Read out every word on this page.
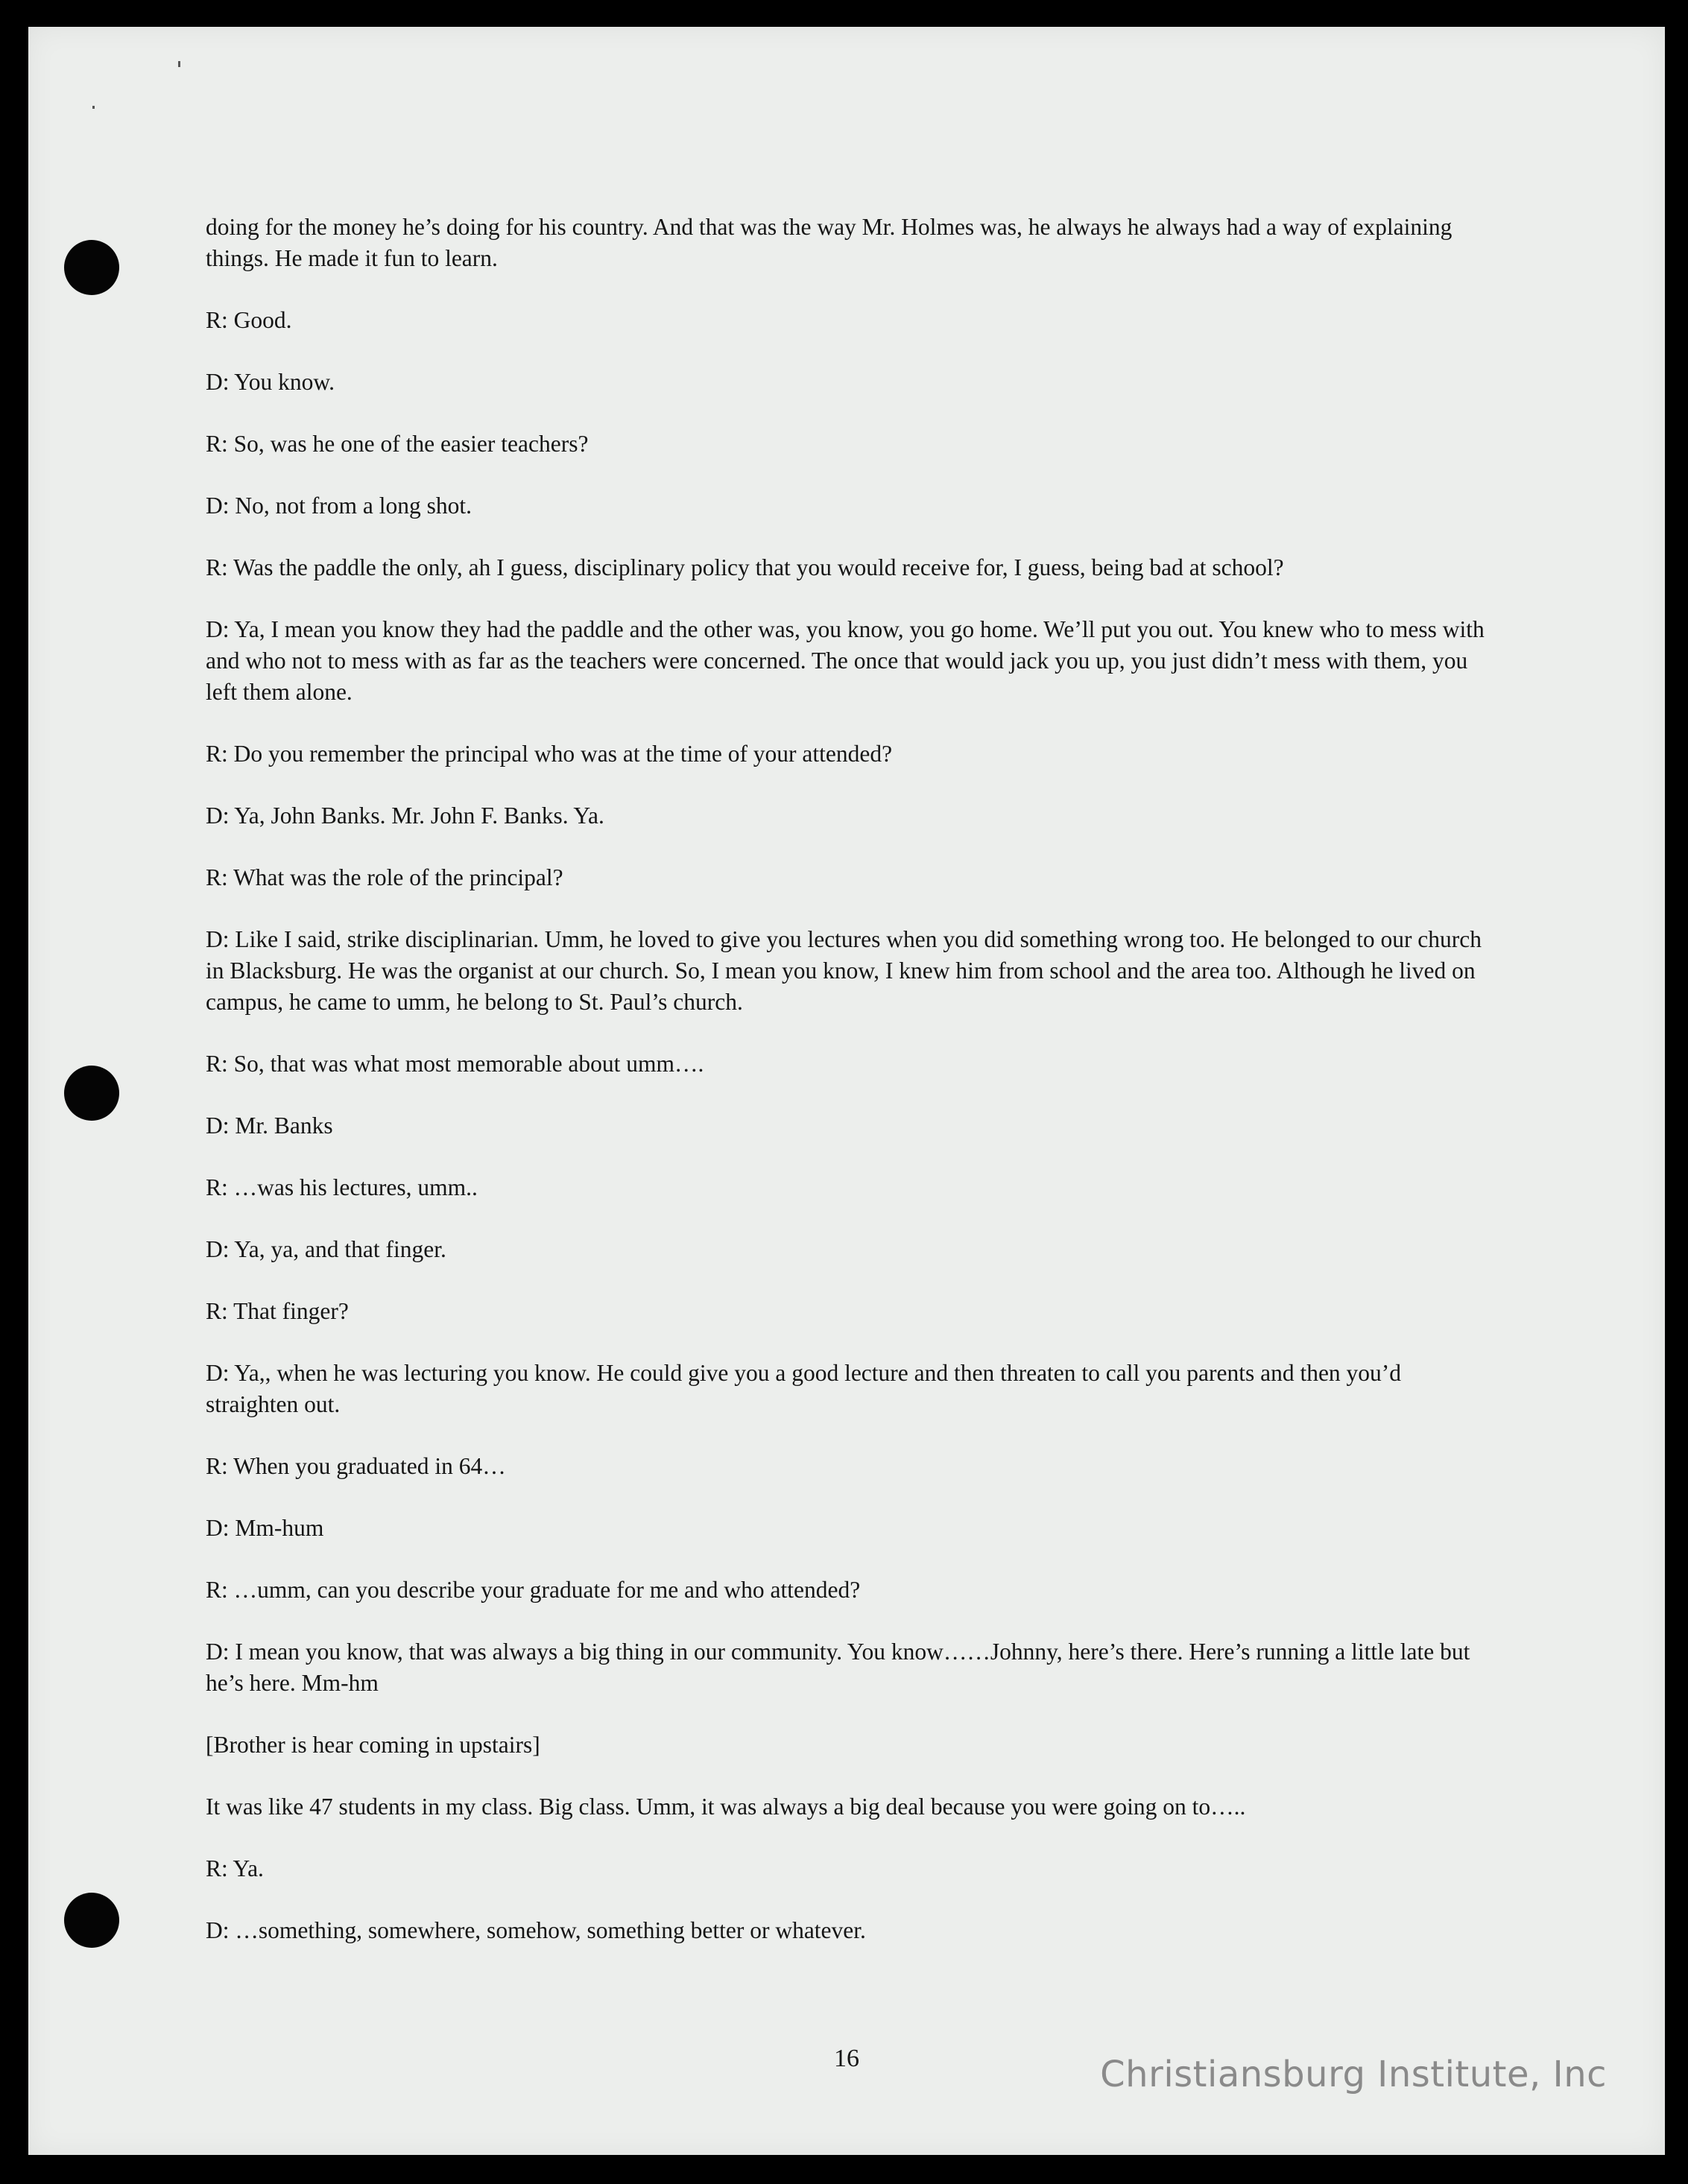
doing for the money he’s doing for his country. And that was the way Mr. Holmes was, he always he always had a way of explaining things. He made it fun to learn.

R: Good.

D: You know.

R: So, was he one of the easier teachers?

D: No, not from a long shot.

R: Was the paddle the only, ah I guess, disciplinary policy that you would receive for, I guess, being bad at school?

D: Ya, I mean you know they had the paddle and the other was, you know, you go home. We’ll put you out. You knew who to mess with and who not to mess with as far as the teachers were concerned. The once that would jack you up, you just didn’t mess with them, you left them alone.

R: Do you remember the principal who was at the time of your attended?

D: Ya, John Banks. Mr. John F. Banks. Ya.

R: What was the role of the principal?

D: Like I said, strike disciplinarian. Umm, he loved to give you lectures when you did something wrong too. He belonged to our church in Blacksburg. He was the organist at our church. So, I mean you know, I knew him from school and the area too. Although he lived on campus, he came to umm, he belong to St. Paul’s church.

R: So, that was what most memorable about umm….

D: Mr. Banks

R: …was his lectures, umm..

D: Ya, ya, and that finger.

R: That finger?

D: Ya,, when he was lecturing you know. He could give you a good lecture and then threaten to call you parents and then you’d straighten out.

R: When you graduated in 64…

D: Mm-hum

R: …umm, can you describe your graduate for me and who attended?

D: I mean you know, that was always a big thing in our community. You know……Johnny, here’s there. Here’s running a little late but he’s here. Mm-hm

[Brother is hear coming in upstairs]

It was like 47 students in my class. Big class. Umm, it was always a big deal because you were going on to…..

R: Ya.

D: …something, somewhere, somehow, something better or whatever.

16	Christiansburg Institute, Inc
